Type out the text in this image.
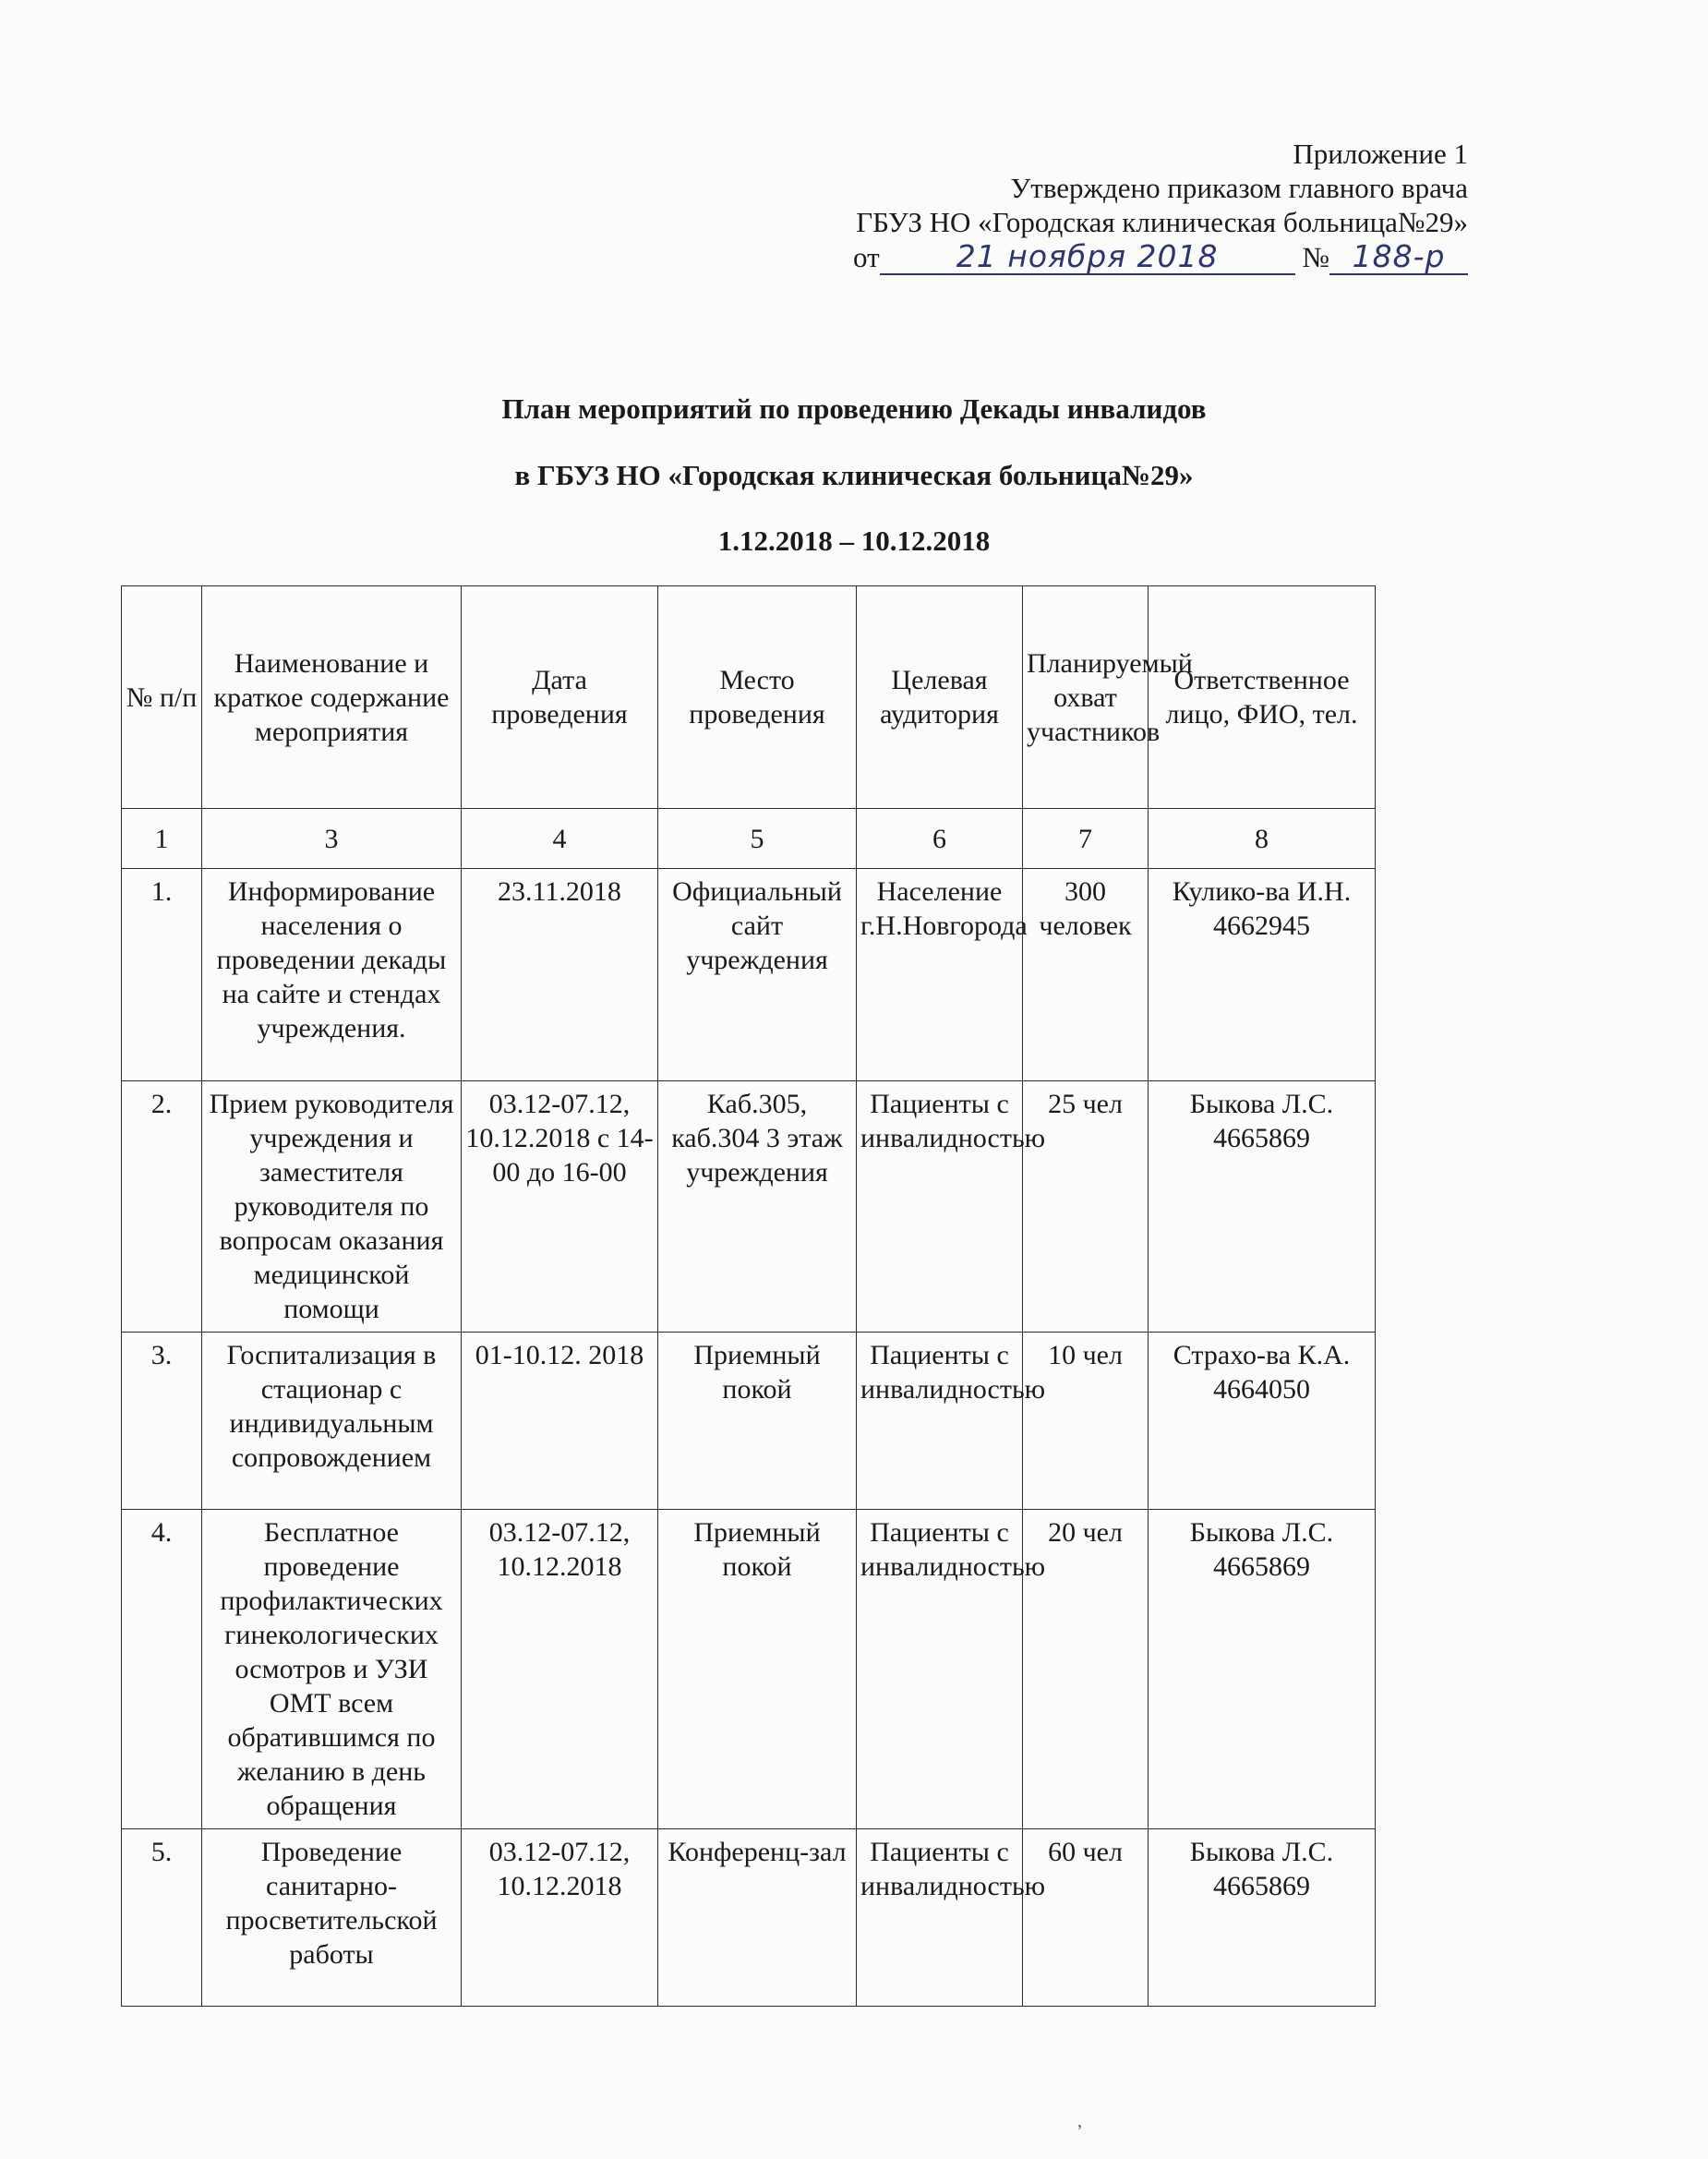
Приложение 1
Утверждено приказом главного врача
ГБУЗ НО «Городская клиническая больница№29»
от	21 ноября 2018	№ 188-р
План мероприятий по проведению Декады инвалидов
в ГБУЗ НО «Городская клиническая больница№29»
1.12.2018 – 10.12.2018
№ п/п	Наименование и краткое содержание мероприятия	Дата проведения	Место проведения	Целевая аудитория	Планируемый охват участников	Ответственное лицо, ФИО, тел.
1	3	4	5	6	7	8
1.	Информирование населения о проведении декады на сайте и стендах учреждения.	23.11.2018	Официальный сайт учреждения	Население г.Н.Новгорода	300 человек	Кулико-ва И.Н. 4662945
2.	Прием руководителя учреждения и заместителя руководителя по вопросам оказания медицинской помощи	03.12-07.12, 10.12.2018 с 14-00 до 16-00	Каб.305, каб.304 3 этаж учреждения	Пациенты с инвалидностью	25 чел	Быкова Л.С. 4665869
3.	Госпитализация в стационар с индивидуальным сопровождением	01-10.12. 2018	Приемный покой	Пациенты с инвалидностью	10 чел	Страхо-ва К.А. 4664050
4.	Бесплатное проведение профилактических гинекологических осмотров и УЗИ ОМТ всем обратившимся по желанию в день обращения	03.12-07.12, 10.12.2018	Приемный покой	Пациенты с инвалидностью	20 чел	Быкова Л.С. 4665869
5.	Проведение санитарно-просветительской работы	03.12-07.12, 10.12.2018	Конференц-зал	Пациенты с инвалидностью	60 чел	Быкова Л.С. 4665869
,
